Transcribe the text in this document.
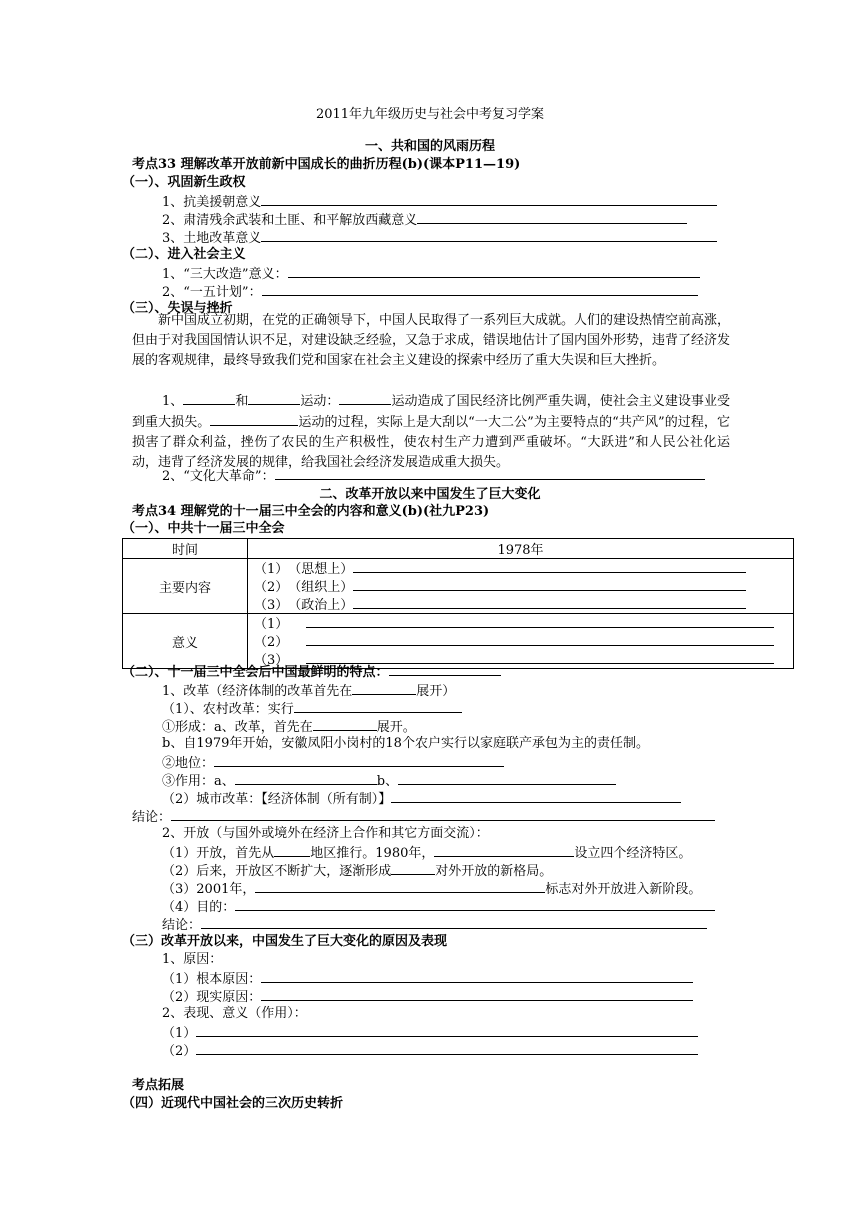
2011年九年级历史与社会中考复习学案
一、共和国的风雨历程
考点33 理解改革开放前新中国成长的曲折历程(b)(课本P11—19)
（一）、巩固新生政权
1、抗美援朝意义
2、肃清残余武装和土匪、和平解放西藏意义
3、土地改革意义
（二）、进入社会主义
1、“三大改造”意义：
2、“一五计划”：
（三）、失误与挫折
新中国成立初期，在党的正确领导下，中国人民取得了一系列巨大成就。人们的建设热情空前高涨，但由于对我国国情认识不足，对建设缺乏经验，又急于求成，错误地估计了国内国外形势，违背了经济发展的客观规律，最终导致我们党和国家在社会主义建设的探索中经历了重大失误和巨大挫折。
1、	和	运动：	运动造成了国民经济比例严重失调，使社会主义建设事业受到重大损失。	运动的过程，实际上是大刮以“一大二公”为主要特点的“共产风”的过程，它损害了群众利益，挫伤了农民的生产积极性，使农村生产力遭到严重破坏。“大跃进”和人民公社化运动，违背了经济发展的规律，给我国社会经济发展造成重大损失。
2、“文化大革命”：
二、改革开放以来中国发生了巨大变化
考点34 理解党的十一届三中全会的内容和意义(b)(社九P23)
（一）、中共十一届三中全会
时间	1978年
主要内容	（1）　（思想上）
（2）　（组织上）
（3）　（政治上）

意义	（1）
（2）
（3）
（二）、十一届三中全会后中国最鲜明的特点：
1、改革（经济体制的改革首先在	展开）
（1）、农村改革：实行
①形成：a、改革，首先在	展开。
b、自1979年开始，安徽凤阳小岗村的18个农户实行以家庭联产承包为主的责任制。
②地位：
③作用：a、	b、
（2）城市改革：【经济体制（所有制）】
结论：
2、开放（与国外或境外在经济上合作和其它方面交流）：
（1）开放，首先从	地区推行。1980年，	设立四个经济特区。
（2）后来，开放区不断扩大，逐渐形成	对外开放的新格局。
（3）2001年，	标志对外开放进入新阶段。
（4）目的：
结论：
（三）改革开放以来，中国发生了巨大变化的原因及表现
1、原因：
（1）根本原因：
（2）现实原因：
2、表现、意义（作用）：
（1）
（2）
考点拓展
（四）近现代中国社会的三次历史转折
